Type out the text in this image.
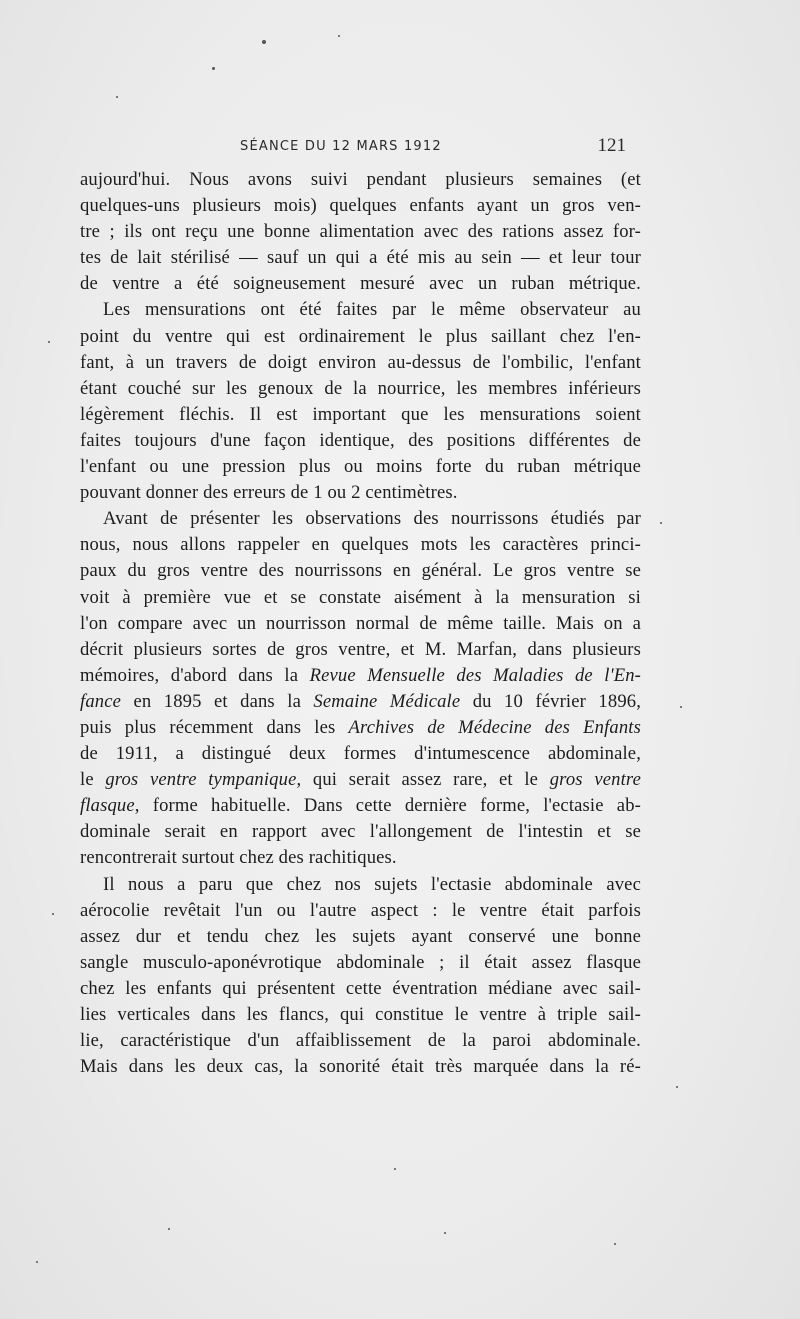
SÉANCE DU 12 MARS 1912	121
aujourd'hui. Nous avons suivi pendant plusieurs semaines (et
quelques-uns plusieurs mois) quelques enfants ayant un gros ven-
tre ; ils ont reçu une bonne alimentation avec des rations assez for-
tes de lait stérilisé — sauf un qui a été mis au sein — et leur tour
de ventre a été soigneusement mesuré avec un ruban métrique.
Les mensurations ont été faites par le même observateur au
point du ventre qui est ordinairement le plus saillant chez l'en-
fant, à un travers de doigt environ au-dessus de l'ombilic, l'enfant
étant couché sur les genoux de la nourrice, les membres inférieurs
légèrement fléchis. Il est important que les mensurations soient
faites toujours d'une façon identique, des positions différentes de
l'enfant ou une pression plus ou moins forte du ruban métrique
pouvant donner des erreurs de 1 ou 2 centimètres.
Avant de présenter les observations des nourrissons étudiés par
nous, nous allons rappeler en quelques mots les caractères princi-
paux du gros ventre des nourrissons en général. Le gros ventre se
voit à première vue et se constate aisément à la mensuration si
l'on compare avec un nourrisson normal de même taille. Mais on a
décrit plusieurs sortes de gros ventre, et M. Marfan, dans plusieurs
mémoires, d'abord dans la Revue Mensuelle des Maladies de l'En-
fance en 1895 et dans la Semaine Médicale du 10 février 1896,
puis plus récemment dans les Archives de Médecine des Enfants
de 1911, a distingué deux formes d'intumescence abdominale,
le gros ventre tympanique, qui serait assez rare, et le gros ventre
flasque, forme habituelle. Dans cette dernière forme, l'ectasie ab-
dominale serait en rapport avec l'allongement de l'intestin et se
rencontrerait surtout chez des rachitiques.
Il nous a paru que chez nos sujets l'ectasie abdominale avec
aérocolie revêtait l'un ou l'autre aspect : le ventre était parfois
assez dur et tendu chez les sujets ayant conservé une bonne
sangle musculo-aponévrotique abdominale ; il était assez flasque
chez les enfants qui présentent cette éventration médiane avec sail-
lies verticales dans les flancs, qui constitue le ventre à triple sail-
lie, caractéristique d'un affaiblissement de la paroi abdominale.
Mais dans les deux cas, la sonorité était très marquée dans la ré-
